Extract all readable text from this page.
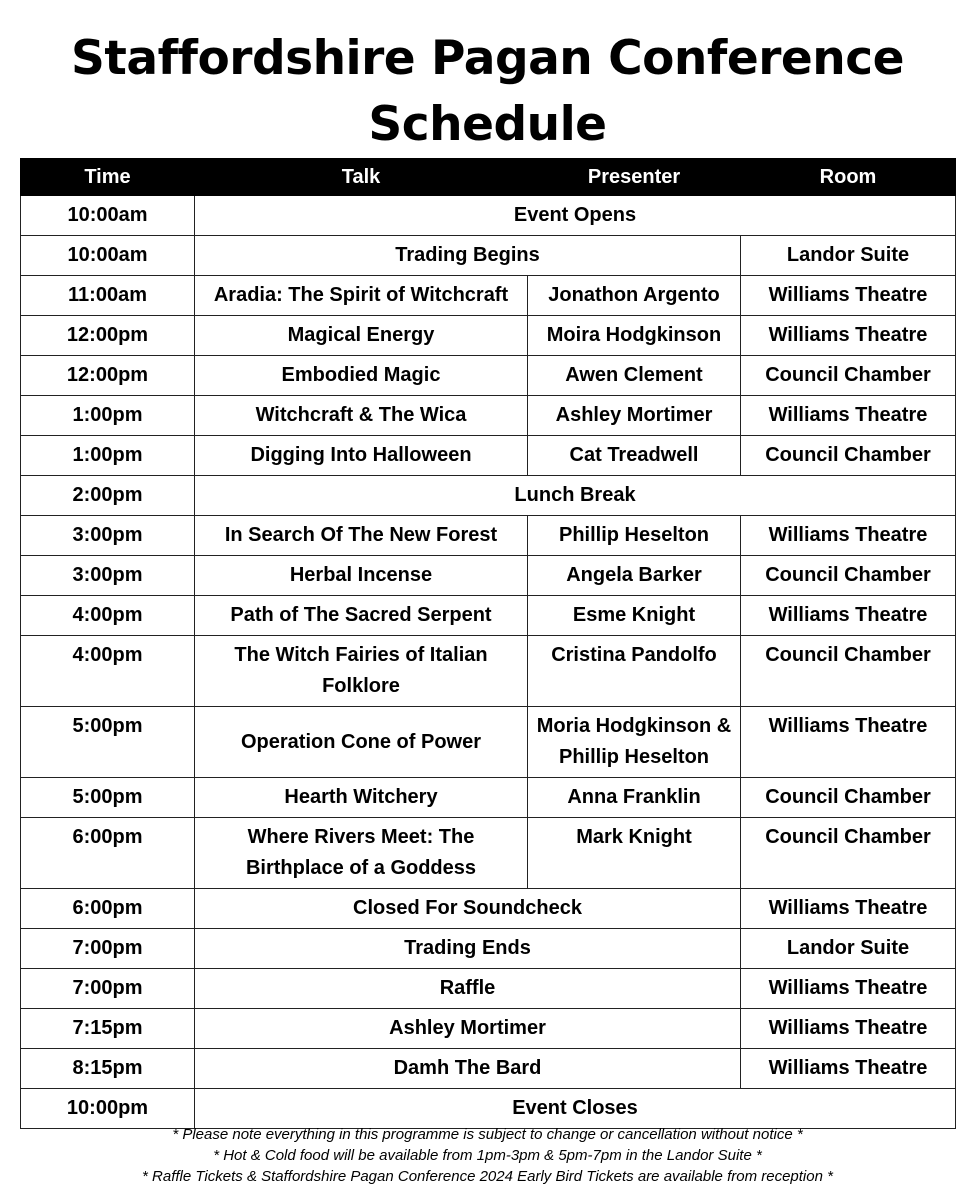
Staffordshire Pagan Conference
Schedule
Time	Talk	Presenter	Room
10:00am	Event Opens		
10:00am	Trading Begins		Landor Suite
11:00am	Aradia: The Spirit of Witchcraft	Jonathon Argento	Williams Theatre
12:00pm	Magical Energy	Moira Hodgkinson	Williams Theatre
12:00pm	Embodied Magic	Awen Clement	Council Chamber
1:00pm	Witchcraft & The Wica	Ashley Mortimer	Williams Theatre
1:00pm	Digging Into Halloween	Cat Treadwell	Council Chamber
2:00pm	Lunch Break		
3:00pm	In Search Of The New Forest	Phillip Heselton	Williams Theatre
3:00pm	Herbal Incense	Angela Barker	Council Chamber
4:00pm	Path of The Sacred Serpent	Esme Knight	Williams Theatre
4:00pm	The Witch Fairies of Italian Folklore	Cristina Pandolfo	Council Chamber
5:00pm	Operation Cone of Power	Moria Hodgkinson & Phillip Heselton	Williams Theatre
5:00pm	Hearth Witchery	Anna Franklin	Council Chamber
6:00pm	Where Rivers Meet: The Birthplace of a Goddess	Mark Knight	Council Chamber
6:00pm	Closed For Soundcheck		Williams Theatre
7:00pm	Trading Ends		Landor Suite
7:00pm	Raffle		Williams Theatre
7:15pm	Ashley Mortimer		Williams Theatre
8:15pm	Damh The Bard		Williams Theatre
10:00pm	Event Closes		
* Please note everything in this programme is subject to change or cancellation without notice *
* Hot & Cold food will be available from 1pm-3pm & 5pm-7pm in the Landor Suite *
* Raffle Tickets & Staffordshire Pagan Conference 2024 Early Bird Tickets are available from reception *
